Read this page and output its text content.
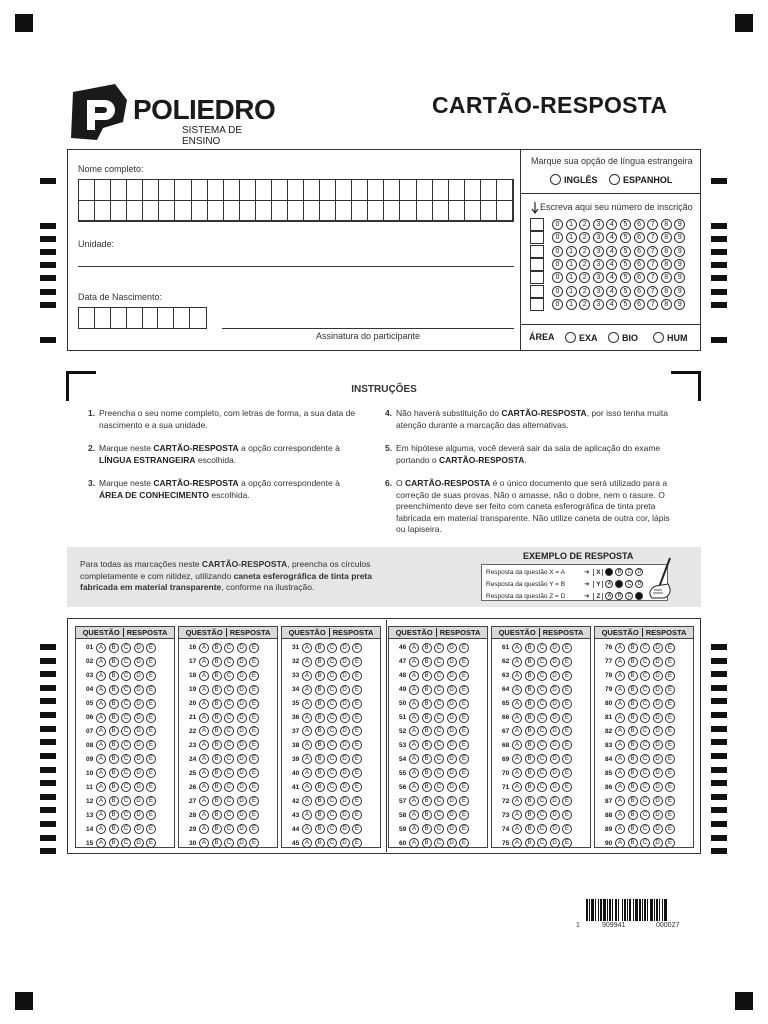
POLIEDRO
SISTEMA DE ENSINO
CARTÃO-RESPOSTA
Nome completo:
Unidade:
Data de Nascimento:
Assinatura do participante
Marque sua opção de língua estrangeira
INGLÊS	ESPANHOL
Escreva aqui seu número de inscrição
0	1	2	3	4	5	6	7	8	9
0	1	2	3	4	5	6	7	8	9
0	1	2	3	4	5	6	7	8	9
0	1	2	3	4	5	6	7	8	9
0	1	2	3	4	5	6	7	8	9
0	1	2	3	4	5	6	7	8	9
0	1	2	3	4	5	6	7	8	9
ÁREA	EXA	BIO	HUM
INSTRUÇÕES
1. Preencha o seu nome completo, com letras de forma, a sua data de nascimento e a sua unidade.
2. Marque neste CARTÃO-RESPOSTA a opção correspondente à LÍNGUA ESTRANGEIRA escolhida.
3. Marque neste CARTÃO-RESPOSTA a opção correspondente à ÁREA DE CONHECIMENTO escolhida.
4. Não haverá substituição do CARTÃO-RESPOSTA, por isso tenha muita atenção durante a marcação das alternativas.
5. Em hipótese alguma, você deverá sair da sala de aplicação do exame portando o CARTÃO-RESPOSTA.
6. O CARTÃO-RESPOSTA é o único documento que será utilizado para a correção de suas provas. Não o amasse, não o dobre, nem o rasure. O preenchimento deve ser feito com caneta esferográfica de tinta preta fabricada em material transparente. Não utilize caneta de outra cor, lápis ou lapiseira.
Para todas as marcações neste CARTÃO-RESPOSTA, preencha os círculos completamente e com nitidez, utilizando caneta esferográfica de tinta preta fabricada em material transparente, conforme na ilustração.
EXEMPLO DE RESPOSTA
Resposta da questão X = A	➔	X	B	C	D
Resposta da questão Y = B	➔	Y	A	C	D
Resposta da questão Z = D	➔	Z	A	B	C
QUESTÃO RESPOSTA
01 A	B	C	D	E
02 A	B	C	D	E
03 A	B	C	D	E
04 A	B	C	D	E
05 A	B	C	D	E
06 A	B	C	D	E
07 A	B	C	D	E
08 A	B	C	D	E
09 A	B	C	D	E
10 A	B	C	D	E
11	A	B	C	D	E
12 A	B	C	D	E
13 A	B	C	D	E
14 A	B	C	D	E
15 A	B	C	D	E
QUESTÃO RESPOSTA
16 A	B	C	D	E
17 A	B	C	D	E
18 A	B	C	D	E
19 A	B	C	D	E
20 A	B	C	D	E
21 A	B	C	D	E
22 A	B	C	D	E
23 A	B	C	D	E
24 A	B	C	D	E
25 A	B	C	D	E
26 A	B	C	D	E
27 A	B	C	D	E
28 A	B	C	D	E
29 A	B	C	D	E
30 A	B	C	D	E
QUESTÃO RESPOSTA
31 A	B	C	D	E
32 A	B	C	D	E
33 A	B	C	D	E
34 A	B	C	D	E
35 A	B	C	D	E
36 A	B	C	D	E
37 A	B	C	D	E
38 A	B	C	D	E
39 A	B	C	D	E
40 A	B	C	D	E
41 A	B	C	D	E
42 A	B	C	D	E
43 A	B	C	D	E
44 A	B	C	D	E
45 A	B	C	D	E
QUESTÃO RESPOSTA
46 A	B	C	D	E
47 A	B	C	D	E
48 A	B	C	D	E
49 A	B	C	D	E
50 A	B	C	D	E
51 A	B	C	D	E
52 A	B	C	D	E
53 A	B	C	D	E
54 A	B	C	D	E
55 A	B	C	D	E
56 A	B	C	D	E
57 A	B	C	D	E
58 A	B	C	D	E
59 A	B	C	D	E
60 A	B	C	D	E
QUESTÃO RESPOSTA
61 A	B	C	D	E
62 A	B	C	D	E
63 A	B	C	D	E
64 A	B	C	D	E
65 A	B	C	D	E
66 A	B	C	D	E
67 A	B	C	D	E
68 A	B	C	D	E
69 A	B	C	D	E
70 A	B	C	D	E
71 A	B	C	D	E
72 A	B	C	D	E
73 A	B	C	D	E
74 A	B	C	D	E
75 A	B	C	D	E
QUESTÃO RESPOSTA
76 A	B	C	D	E
77 A	B	C	D	E
78 A	B	C	D	E
79 A	B	C	D	E
80 A	B	C	D	E
81 A	B	C	D	E
82 A	B	C	D	E
83 A	B	C	D	E
84 A	B	C	D	E
85 A	B	C	D	E
86 A	B	C	D	E
87 A	B	C	D	E
88 A	B	C	D	E
89 A	B	C	D	E
90 A	B	C	D	E
1	909941	000027
